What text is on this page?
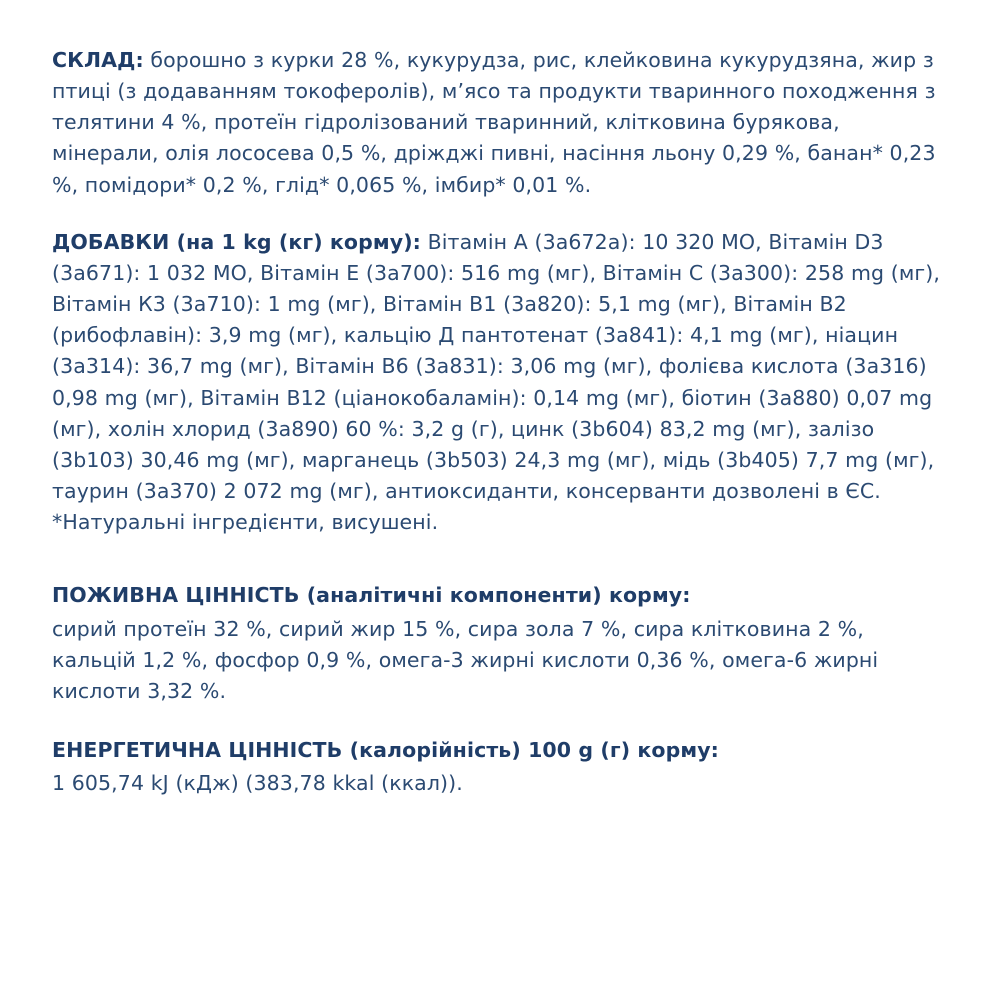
СКЛАД: борошно з курки 28 %, кукурудза, рис, клейковина кукурудзяна, жир з птиці (з додаванням токоферолів), м’ясо та продукти тваринного походження з телятини 4 %, протеїн гідролізований тваринний, клітковина бурякова, мінерали, олія лососева 0,5 %, дріжджі пивні, насіння льону 0,29 %, банан* 0,23 %, помідори* 0,2 %, глід* 0,065 %, імбир* 0,01 %.

ДОБАВКИ (на 1 kg (кг) корму): Вітамін А (3a672a): 10 320 МО, Вітамін D3 (3a671): 1 032 МО, Вітамін Е (3a700): 516 mg (мг), Вітамін С (3a300): 258 mg (мг), Вітамін К3 (3a710): 1 mg (мг), Вітамін В1 (3a820): 5,1 mg (мг), Вітамін В2 (рибофлавін): 3,9 mg (мг), кальцію Д пантотенат (3a841): 4,1 mg (мг), ніацин (3a314): 36,7 mg (мг), Вітамін В6 (3a831): 3,06 mg (мг), фолієва кислота (3a316) 0,98 mg (мг), Вітамін В12 (ціанокобаламін): 0,14 mg (мг), біотин (3a880) 0,07 mg (мг), холін хлорид (3a890) 60 %: 3,2 g (г), цинк (3b604) 83,2 mg (мг), залізо (3b103) 30,46 mg (мг), марганець (3b503) 24,3 mg (мг), мідь (3b405) 7,7 mg (мг), таурин (3a370) 2 072 mg (мг), антиоксиданти, консерванти дозволені в ЄС.

*Натуральні інгредієнти, висушені.

ПОЖИВНА ЦІННІСТЬ (аналітичні компоненти) корму:

сирий протеїн 32 %, сирий жир 15 %, сира зола 7 %, сира клітковина 2 %, кальцій 1,2 %, фосфор 0,9 %, омега-3 жирні кислоти 0,36 %, омега-6 жирні кислоти 3,32 %.

ЕНЕРГЕТИЧНА ЦІННІСТЬ (калорійність) 100 g (г) корму:

1 605,74 kJ (кДж) (383,78 kkal (ккал)).
